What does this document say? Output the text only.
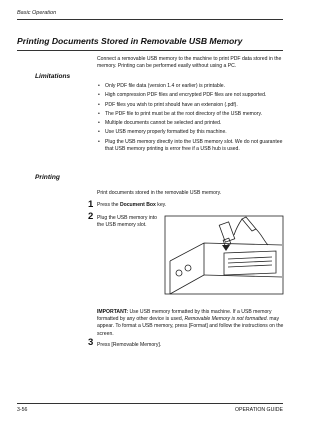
Basic Operation
Printing Documents Stored in Removable USB Memory
Connect a removable USB memory to the machine to print PDF data stored in the memory. Printing can be performed easily without using a PC.
Limitations
• Only PDF file data (version 1.4 or earlier) is printable.
• High compression PDF files and encrypted PDF files are not supported.
• PDF files you wish to print should have an extension (.pdf).
• The PDF file to print must be at the root directory of the USB memory.
• Multiple documents cannot be selected and printed.
• Use USB memory properly formatted by this machine.
• Plug the USB memory directly into the USB memory slot. We do not guarantee that USB memory printing is error free if a USB hub is used.
Printing
Print documents stored in the removable USB memory.
1 Press the Document Box key.
2 Plug the USB memory into the USB memory slot.
IMPORTANT: Use USB memory formatted by this machine. If a USB memory formatted by any other device is used, Removable Memory is not formatted. may appear. To format a USB memory, press [Format] and follow the instructions on the screen.
3 Press [Removable Memory].
3-56	OPERATION GUIDE
